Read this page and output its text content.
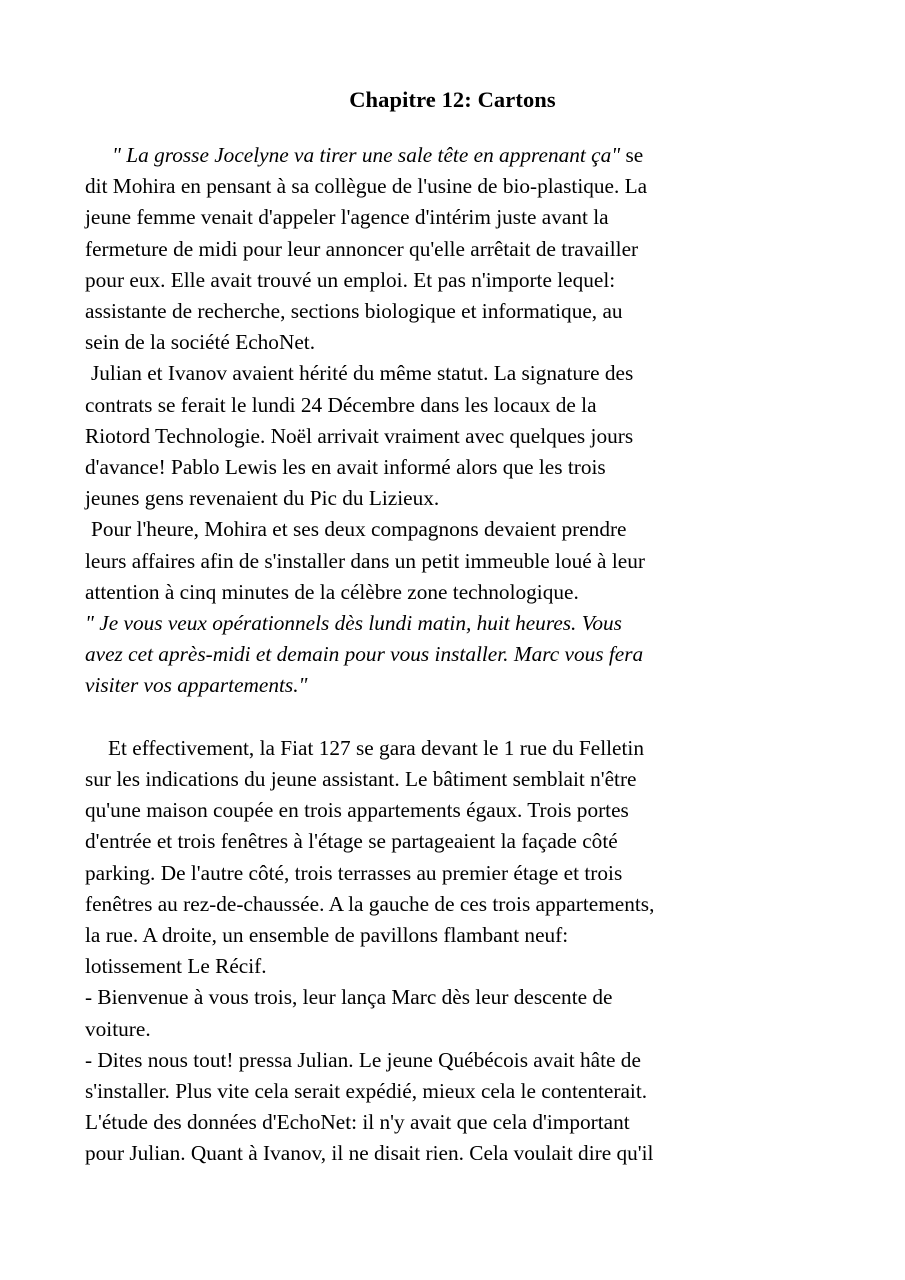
Chapitre 12: Cartons
" La grosse Jocelyne va tirer une sale tête en apprenant ça" se
dit Mohira en pensant à sa collègue de l'usine de bio-plastique. La
jeune femme venait d'appeler l'agence d'intérim juste avant la
fermeture de midi pour leur annoncer qu'elle arrêtait de travailler
pour eux. Elle avait trouvé un emploi. Et pas n'importe lequel:
assistante de recherche, sections biologique et informatique, au
sein de la société EchoNet.
Julian et Ivanov avaient hérité du même statut. La signature des
contrats se ferait le lundi 24 Décembre dans les locaux de la
Riotord Technologie. Noël arrivait vraiment avec quelques jours
d'avance! Pablo Lewis les en avait informé alors que les trois
jeunes gens revenaient du Pic du Lizieux.
Pour l'heure, Mohira et ses deux compagnons devaient prendre
leurs affaires afin de s'installer dans un petit immeuble loué à leur
attention à cinq minutes de la célèbre zone technologique.
" Je vous veux opérationnels dès lundi matin, huit heures. Vous
avez cet après-midi et demain pour vous installer. Marc vous fera
visiter vos appartements."
Et effectivement, la Fiat 127 se gara devant le 1 rue du Felletin
sur les indications du jeune assistant. Le bâtiment semblait n'être
qu'une maison coupée en trois appartements égaux. Trois portes
d'entrée et trois fenêtres à l'étage se partageaient la façade côté
parking. De l'autre côté, trois terrasses au premier étage et trois
fenêtres au rez-de-chaussée. A la gauche de ces trois appartements,
la rue. A droite, un ensemble de pavillons flambant neuf:
lotissement Le Récif.
- Bienvenue à vous trois, leur lança Marc dès leur descente de
voiture.
- Dites nous tout! pressa Julian. Le jeune Québécois avait hâte de
s'installer. Plus vite cela serait expédié, mieux cela le contenterait.
L'étude des données d'EchoNet: il n'y avait que cela d'important
pour Julian. Quant à Ivanov, il ne disait rien. Cela voulait dire qu'il
